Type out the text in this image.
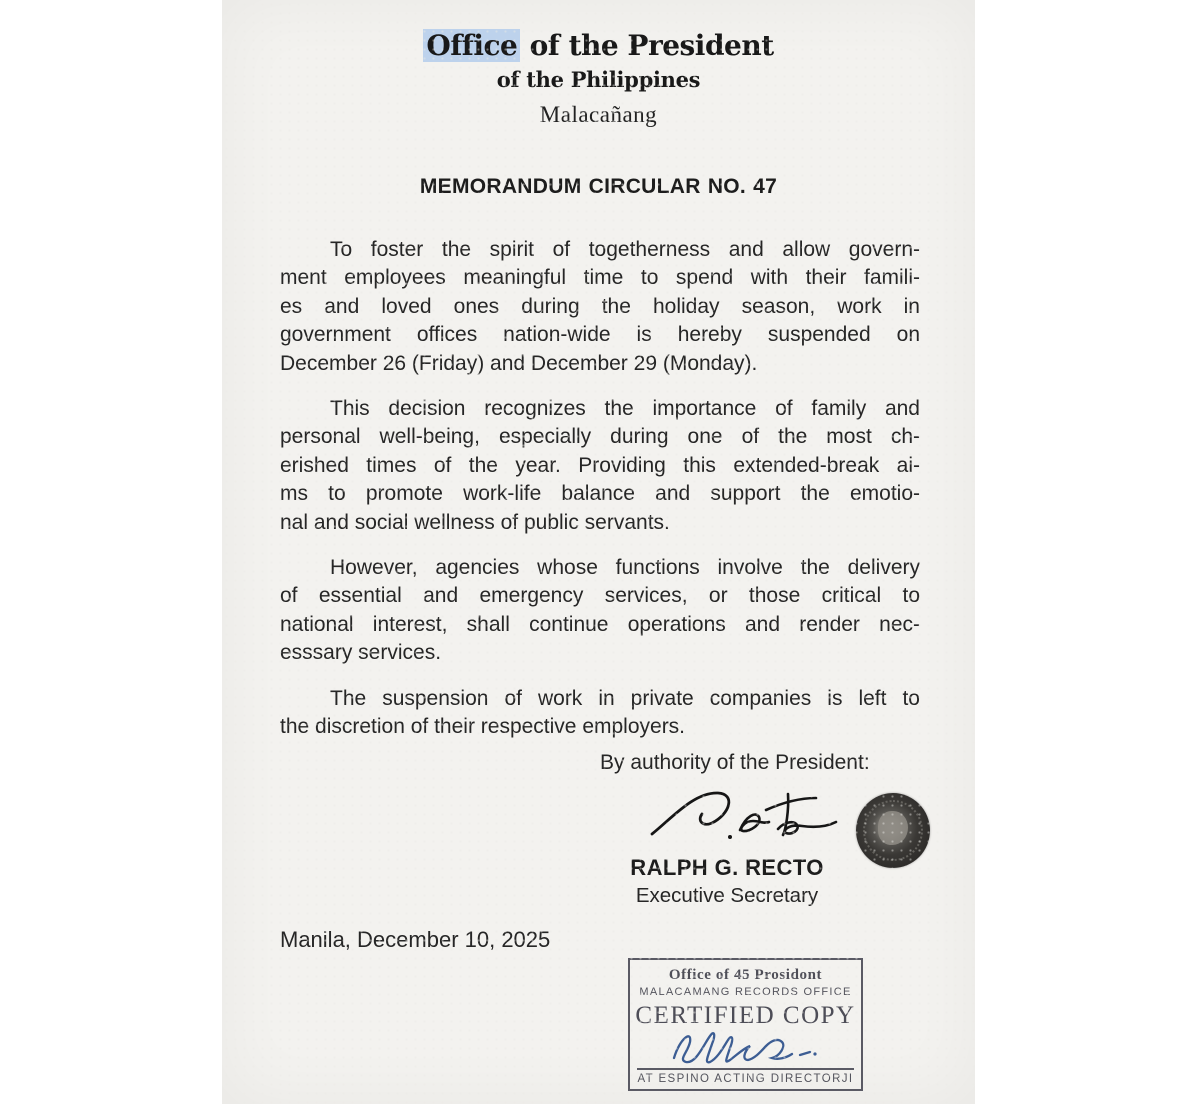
Office of the President
of the Philippines
Malacañang
MEMORANDUM CIRCULAR NO. 47
To foster the spirit of togetherness and allow govern-
ment employees meaningful time to spend with their famili-
es and loved ones during the holiday season, work in
government offices nation-wide is hereby suspended on
December 26 (Friday) and December 29 (Monday).
This decision recognizes the importance of family and
personal well-being, especially during one of the most ch-
erished times of the year. Providing this extended-break ai-
ms to promote work-life balance and support the emotio-
nal and social wellness of public servants.
However, agencies whose functions involve the delivery
of essential and emergency services, or those critical to
national interest, shall continue operations and render nec-
esssary services.
The suspension of work in private companies is left to
the discretion of their respective employers.
By authority of the President:
RALPH G. RECTO
Executive Secretary
Manila, December 10, 2025
Office of 45 Prosidont
MALACAMANG RECORDS OFFICE
CERTIFIED COPY
AT ESPINO ACTING DIRECTORJI
